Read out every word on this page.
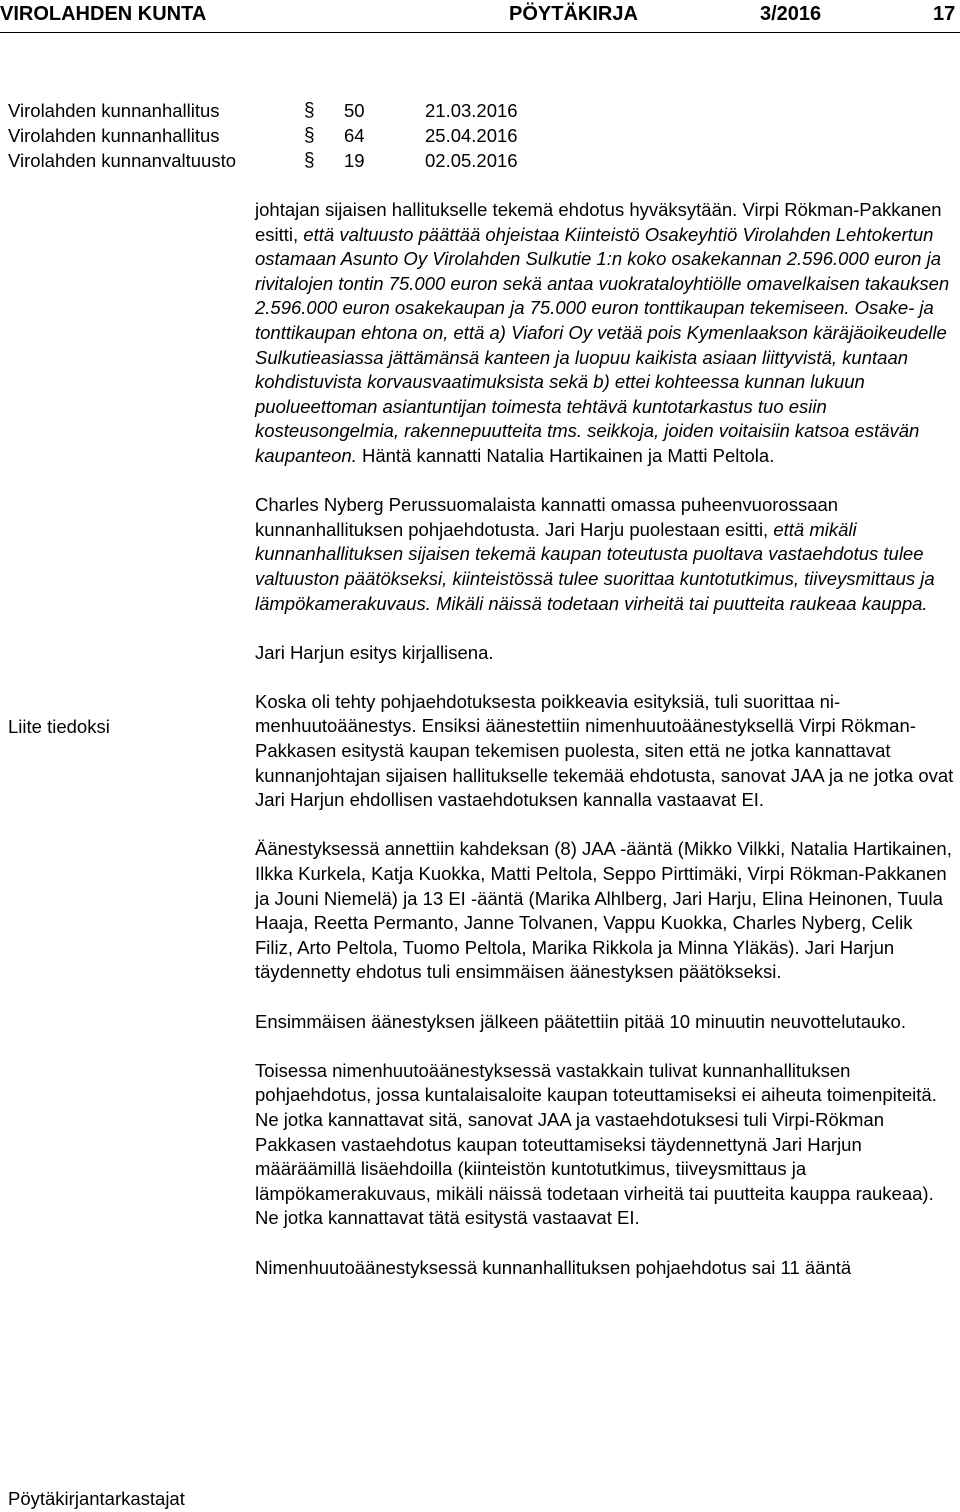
VIROLAHDEN KUNTA	PÖYTÄKIRJA	3/2016	17
Virolahden kunnanhallitus	§ 50	21.03.2016
Virolahden kunnanhallitus	§ 64	25.04.2016
Virolahden kunnanvaltuusto	§ 19	02.05.2016

johtajan sijaisen hallitukselle tekemä ehdotus hyväksytään. Virpi Rökman-Pakkanen esitti, että valtuusto päättää ohjeistaa Kiinteistö Osakeyhtiö Virolahden Lehtokertun ostamaan Asunto Oy Virolahden Sulkutie 1:n koko osakekannan 2.596.000 euron ja rivitalojen tontin 75.000 euron sekä antaa vuokrataloyhtiölle omavelkaisen takauksen 2.596.000 euron osakekaupan ja 75.000 euron tonttikaupan tekemiseen. Osake- ja tonttikaupan ehtona on, että a) Viafori Oy vetää pois Kymenlaakson käräjäoikeudelle Sulkutieasiassa jättämänsä kanteen ja luopuu kaikista asiaan liittyvistä, kuntaan kohdistuvista korvausvaatimuksista sekä b) ettei kohteessa kunnan lukuun puolueettoman asiantuntijan toimesta tehtävä kuntotarkastus tuo esiin kosteusongelmia, rakennepuutteita tms. seikkoja, joiden voitaisiin katsoa estävän kaupanteon. Häntä kannatti Natalia Hartikainen ja Matti Peltola.

Charles Nyberg Perussuomalaista kannatti omassa puheenvuorossaan kunnanhallituksen pohjaehdotusta. Jari Harju puolestaan esitti, että mikäli kunnanhallituksen sijaisen tekemä kaupan toteutusta puoltava vastaehdotus tulee valtuuston päätökseksi, kiinteistössä tulee suorittaa kuntotutkimus, tiiveysmittaus ja lämpökamerakuvaus. Mikäli näissä todetaan virheitä tai puutteita raukeaa kauppa.

Jari Harjun esitys kirjallisena.

Koska oli tehty pohjaehdotuksesta poikkeavia esityksiä, tuli suorittaa nimenhuutoäänestys. Ensiksi äänestettiin nimenhuutoäänestyksellä Virpi Rökman-Pakkasen esitystä kaupan tekemisen puolesta, siten että ne jotka kannattavat kunnanjohtajan sijaisen hallitukselle tekemää ehdotusta, sanovat JAA ja ne jotka ovat Jari Harjun ehdollisen vastaehdotuksen kannalla vastaavat EI.

Äänestyksessä annettiin kahdeksan (8) JAA -ääntä (Mikko Vilkki, Natalia Hartikainen, Ilkka Kurkela, Katja Kuokka, Matti Peltola, Seppo Pirttimäki, Virpi Rökman-Pakkanen ja Jouni Niemelä) ja 13 EI -ääntä (Marika Alhlberg, Jari Harju, Elina Heinonen, Tuula Haaja, Reetta Permanto, Janne Tolvanen, Vappu Kuokka, Charles Nyberg, Celik Filiz, Arto Peltola, Tuomo Peltola, Marika Rikkola ja Minna Yläkäs). Jari Harjun täydennetty ehdotus tuli ensimmäisen äänestyksen päätökseksi.

Ensimmäisen äänestyksen jälkeen päätettiin pitää 10 minuutin neuvottelutauko.

Toisessa nimenhuutoäänestyksessä vastakkain tulivat kunnanhallituksen pohjaehdotus, jossa kuntalaisaloite kaupan toteuttamiseksi ei aiheuta toimenpiteitä. Ne jotka kannattavat sitä, sanovat JAA ja vastaehdotuksesi tuli Virpi-Rökman Pakkasen vastaehdotus kaupan toteuttamiseksi täydennettynä Jari Harjun määräämillä lisäehdoilla (kiinteistön kuntotutkimus, tiiveysmittaus ja lämpökamerakuvaus, mikäli näissä todetaan virheitä tai puutteita kauppa raukeaa). Ne jotka kannattavat tätä esitystä vastaavat EI.

Nimenhuutoäänestyksessä kunnanhallituksen pohjaehdotus sai 11 ääntä

Liite tiedoksi
Pöytäkirjantarkastajat
